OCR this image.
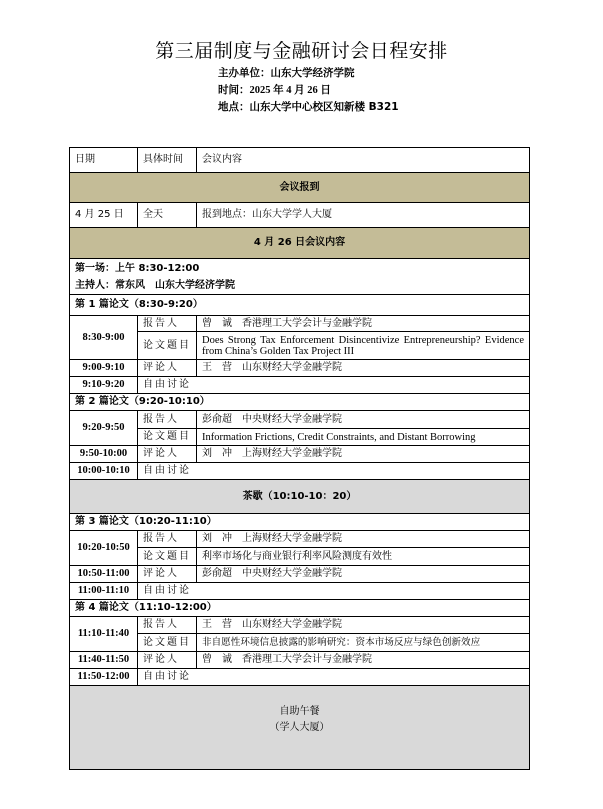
第三届制度与金融研讨会日程安排
主办单位：山东大学经济学院
时间：2025 年 4 月 26 日
地点：山东大学中心校区知新楼 B321
日期	具体时间	会议内容
会议报到		
4 月 25 日	全天	报到地点：山东大学学人大厦
4 月 26 日会议内容		

第一场：上午 8:30-12:00
主持人：常东风　山东大学经济学院		

第 1 篇论文（8:30-9:20）		
8:30-9:00	报告人	曾　诚　香港理工大学会计与金融学院
	论文题目	Does Strong Tax Enforcement Disincentivize Entrepreneurship? Evidence from China’s Golden Tax Project III
9:00-9:10	评论人	王　营　山东财经大学金融学院
9:10-9:20	自由讨论	
第 2 篇论文（9:20-10:10）		
9:20-9:50	报告人	彭俞超　中央财经大学金融学院
	论文题目	Information Frictions, Credit Constraints, and Distant Borrowing
9:50-10:00	评论人	刘　冲　上海财经大学金融学院
10:00-10:10	自由讨论	
茶歇（10:10-10：20）		
第 3 篇论文（10:20-11:10）		
10:20-10:50	报告人	刘　冲　上海财经大学金融学院
	论文题目	利率市场化与商业银行利率风险测度有效性
10:50-11:00	评论人	彭俞超　中央财经大学金融学院
11:00-11:10	自由讨论	
第 4 篇论文（11:10-12:00）		
11:10-11:40	报告人	王　营　山东财经大学金融学院
	论文题目	非自愿性环境信息披露的影响研究：资本市场反应与绿色创新效应
11:40-11:50	评论人	曾　诚　香港理工大学会计与金融学院
11:50-12:00	自由讨论	

自助午餐
（学人大厦）		
